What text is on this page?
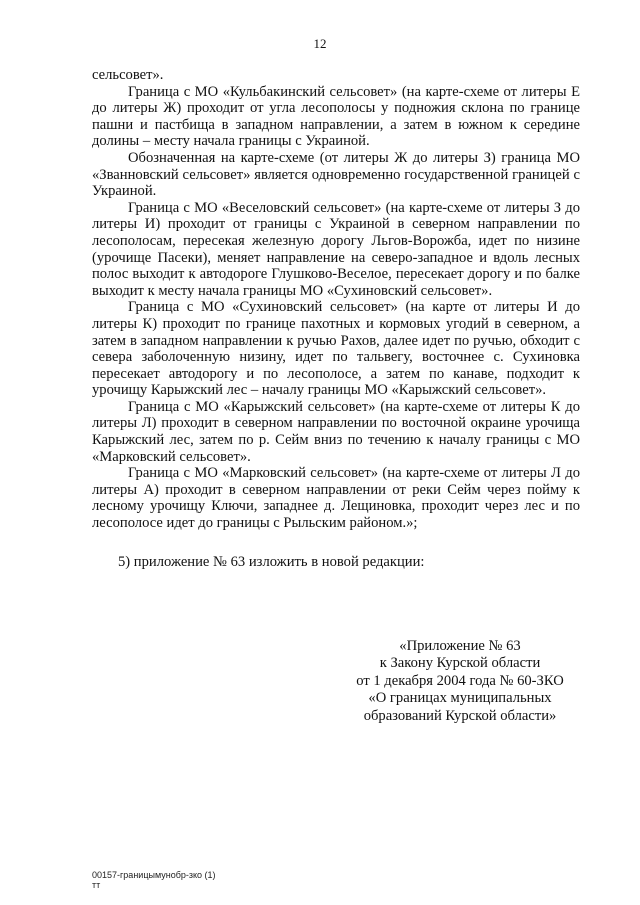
12

сельсовет».

Граница с МО «Кульбакинский сельсовет» (на карте-схеме от литеры Е до литеры Ж) проходит от угла лесополосы у подножия склона по границе пашни и пастбища в западном направлении, а затем в южном к середине долины – месту начала границы с Украиной.

Обозначенная на карте-схеме (от литеры Ж до литеры З) граница МО «Званновский сельсовет» является одновременно государственной границей с Украиной.

Граница с МО «Веселовский сельсовет» (на карте-схеме от литеры З до литеры И) проходит от границы с Украиной в северном направлении по лесополосам, пересекая железную дорогу Льгов-Ворожба, идет по низине (урочище Пасеки), меняет направление на северо-западное и вдоль лесных полос выходит к автодороге Глушково-Веселое, пересекает дорогу и по балке выходит к месту начала границы МО «Сухиновский сельсовет».

Граница с МО «Сухиновский сельсовет» (на карте от литеры И до литеры К) проходит по границе пахотных и кормовых угодий в северном, а затем в западном направлении к ручью Рахов, далее идет по ручью, обходит с севера заболоченную низину, идет по тальвегу, восточнее с. Сухиновка пересекает автодорогу и по лесополосе, а затем по канаве, подходит к урочищу Карыжский лес – началу границы МО «Карыжский сельсовет».

Граница с МО «Карыжский сельсовет» (на карте-схеме от литеры К до литеры Л) проходит в северном направлении по восточной окраине урочища Карыжский лес, затем по р. Сейм вниз по течению к началу границы с МО «Марковский сельсовет».

Граница с МО «Марковский сельсовет» (на карте-схеме от литеры Л до литеры А) проходит в северном направлении от реки Сейм через пойму к лесному урочищу Ключи, западнее д. Лещиновка, проходит через лес и по лесополосе идет до границы с Рыльским районом.»;

5) приложение № 63 изложить в новой редакции:

«Приложение № 63
к Закону Курской области
от 1 декабря 2004 года № 60-ЗКО
«О границах муниципальных
образований Курской области»
00157-границымунобр-зко (1)
тт
